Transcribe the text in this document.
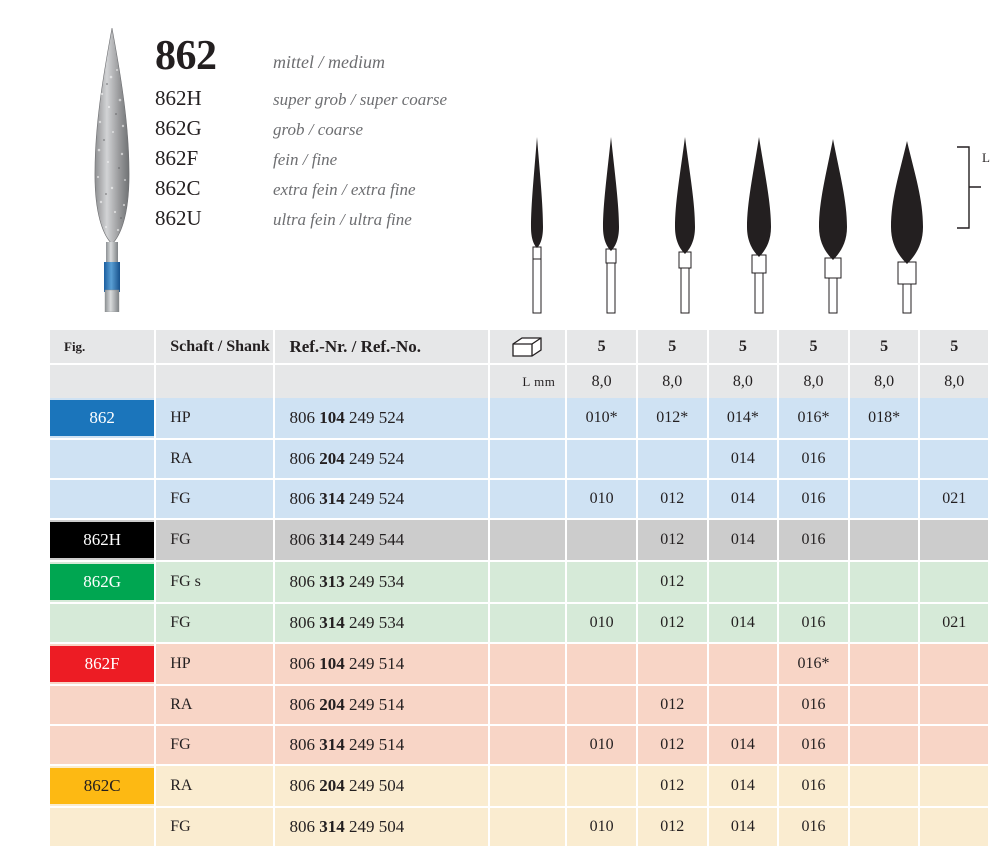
862	mittel / medium
862H	super grob / super coarse
862G	grob / coarse
862F	fein / fine
862C	extra fein / extra fine
862U	ultra fein / ultra fine
L
Fig.	Schaft / Shank	Ref.-Nr. / Ref.-No.		5	5	5	5	5	5
			L mm	8,0	8,0	8,0	8,0	8,0	8,0

862	HP	806 104 249 524		010*	012*	014*	016*	018*	
	RA	806 204 249 524				014	016		
	FG	806 314 249 524		010	012	014	016		021

862H	FG	806 314 249 544			012	014	016		

862G	FG s	806 313 249 534			012				
	FG	806 314 249 534		010	012	014	016		021

862F	HP	806 104 249 514					016*		
	RA	806 204 249 514			012		016		
	FG	806 314 249 514		010	012	014	016		

862C	RA	806 204 249 504			012	014	016		
	FG	806 314 249 504		010	012	014	016		
